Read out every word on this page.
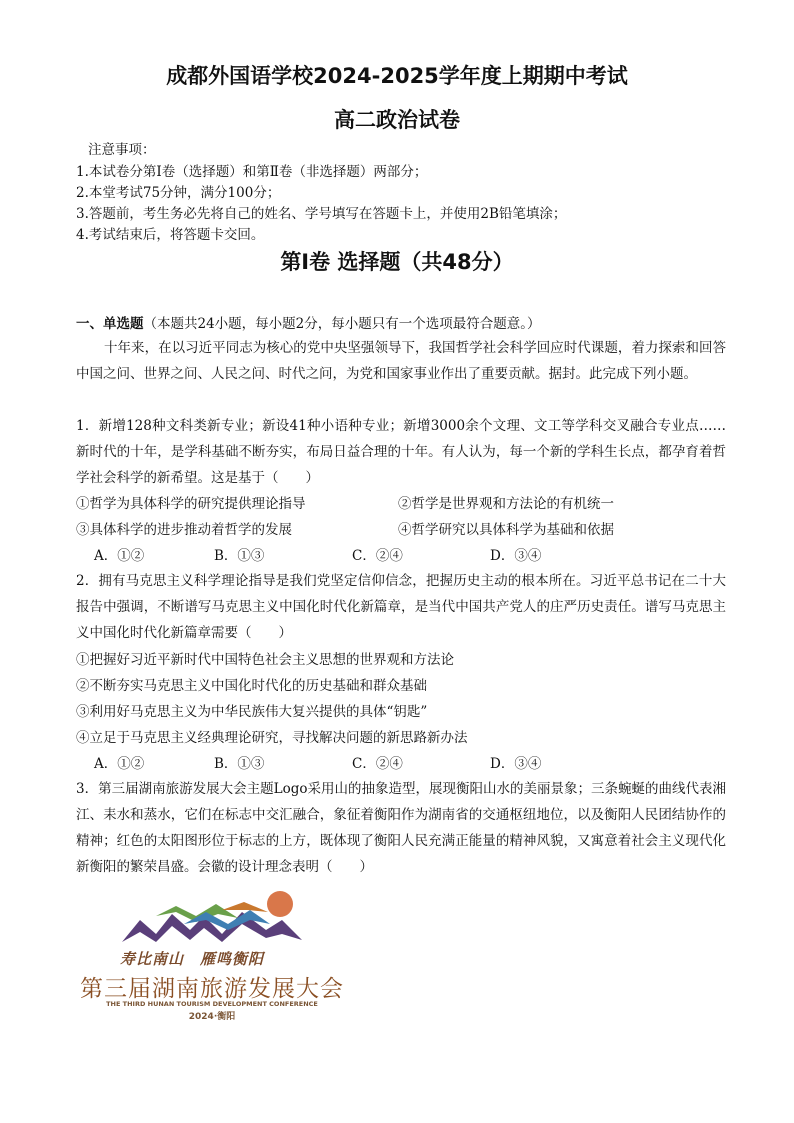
成都外国语学校2024-2025学年度上期期中考试
高二政治试卷
注意事项：
1.本试卷分第Ⅰ卷（选择题）和第Ⅱ卷（非选择题）两部分；
2.本堂考试75分钟，满分100分；
3.答题前，考生务必先将自己的姓名、学号填写在答题卡上，并使用2B铅笔填涂；
4.考试结束后，将答题卡交回。
第Ⅰ卷 选择题（共48分）
一、单选题（本题共24小题，每小题2分，每小题只有一个选项最符合题意。）
十年来，在以习近平同志为核心的党中央坚强领导下，我国哲学社会科学回应时代课题，着力探索和回答中国之问、世界之问、人民之问、时代之问，为党和国家事业作出了重要贡献。据封。此完成下列小题。
1．新增128种文科类新专业；新设41种小语种专业；新增3000余个文理、文工等学科交叉融合专业点……新时代的十年，是学科基础不断夯实，布局日益合理的十年。有人认为，每一个新的学科生长点，都孕育着哲学社会科学的新希望。这是基于（　　）
①哲学为具体科学的研究提供理论指导	②哲学是世界观和方法论的有机统一
③具体科学的进步推动着哲学的发展	④哲学研究以具体科学为基础和依据
A．①②	B．①③	C．②④	D．③④
2．拥有马克思主义科学理论指导是我们党坚定信仰信念，把握历史主动的根本所在。习近平总书记在二十大报告中强调，不断谱写马克思主义中国化时代化新篇章，是当代中国共产党人的庄严历史责任。谱写马克思主义中国化时代化新篇章需要（　　）
①把握好习近平新时代中国特色社会主义思想的世界观和方法论
②不断夯实马克思主义中国化时代化的历史基础和群众基础
③利用好马克思主义为中华民族伟大复兴提供的具体“钥匙”
④立足于马克思主义经典理论研究，寻找解决问题的新思路新办法
A．①②	B．①③	C．②④	D．③④
3．第三届湖南旅游发展大会主题Logo采用山的抽象造型，展现衡阳山水的美丽景象；三条蜿蜒的曲线代表湘江、耒水和蒸水，它们在标志中交汇融合，象征着衡阳作为湖南省的交通枢纽地位，以及衡阳人民团结协作的精神；红色的太阳图形位于标志的上方，既体现了衡阳人民充满正能量的精神风貌，又寓意着社会主义现代化新衡阳的繁荣昌盛。会徽的设计理念表明（　　）
寿比南山　雁鸣衡阳
第三届湖南旅游发展大会
THE THIRD HUNAN TOURISM DEVELOPMENT CONFERENCE
2024·衡阳
